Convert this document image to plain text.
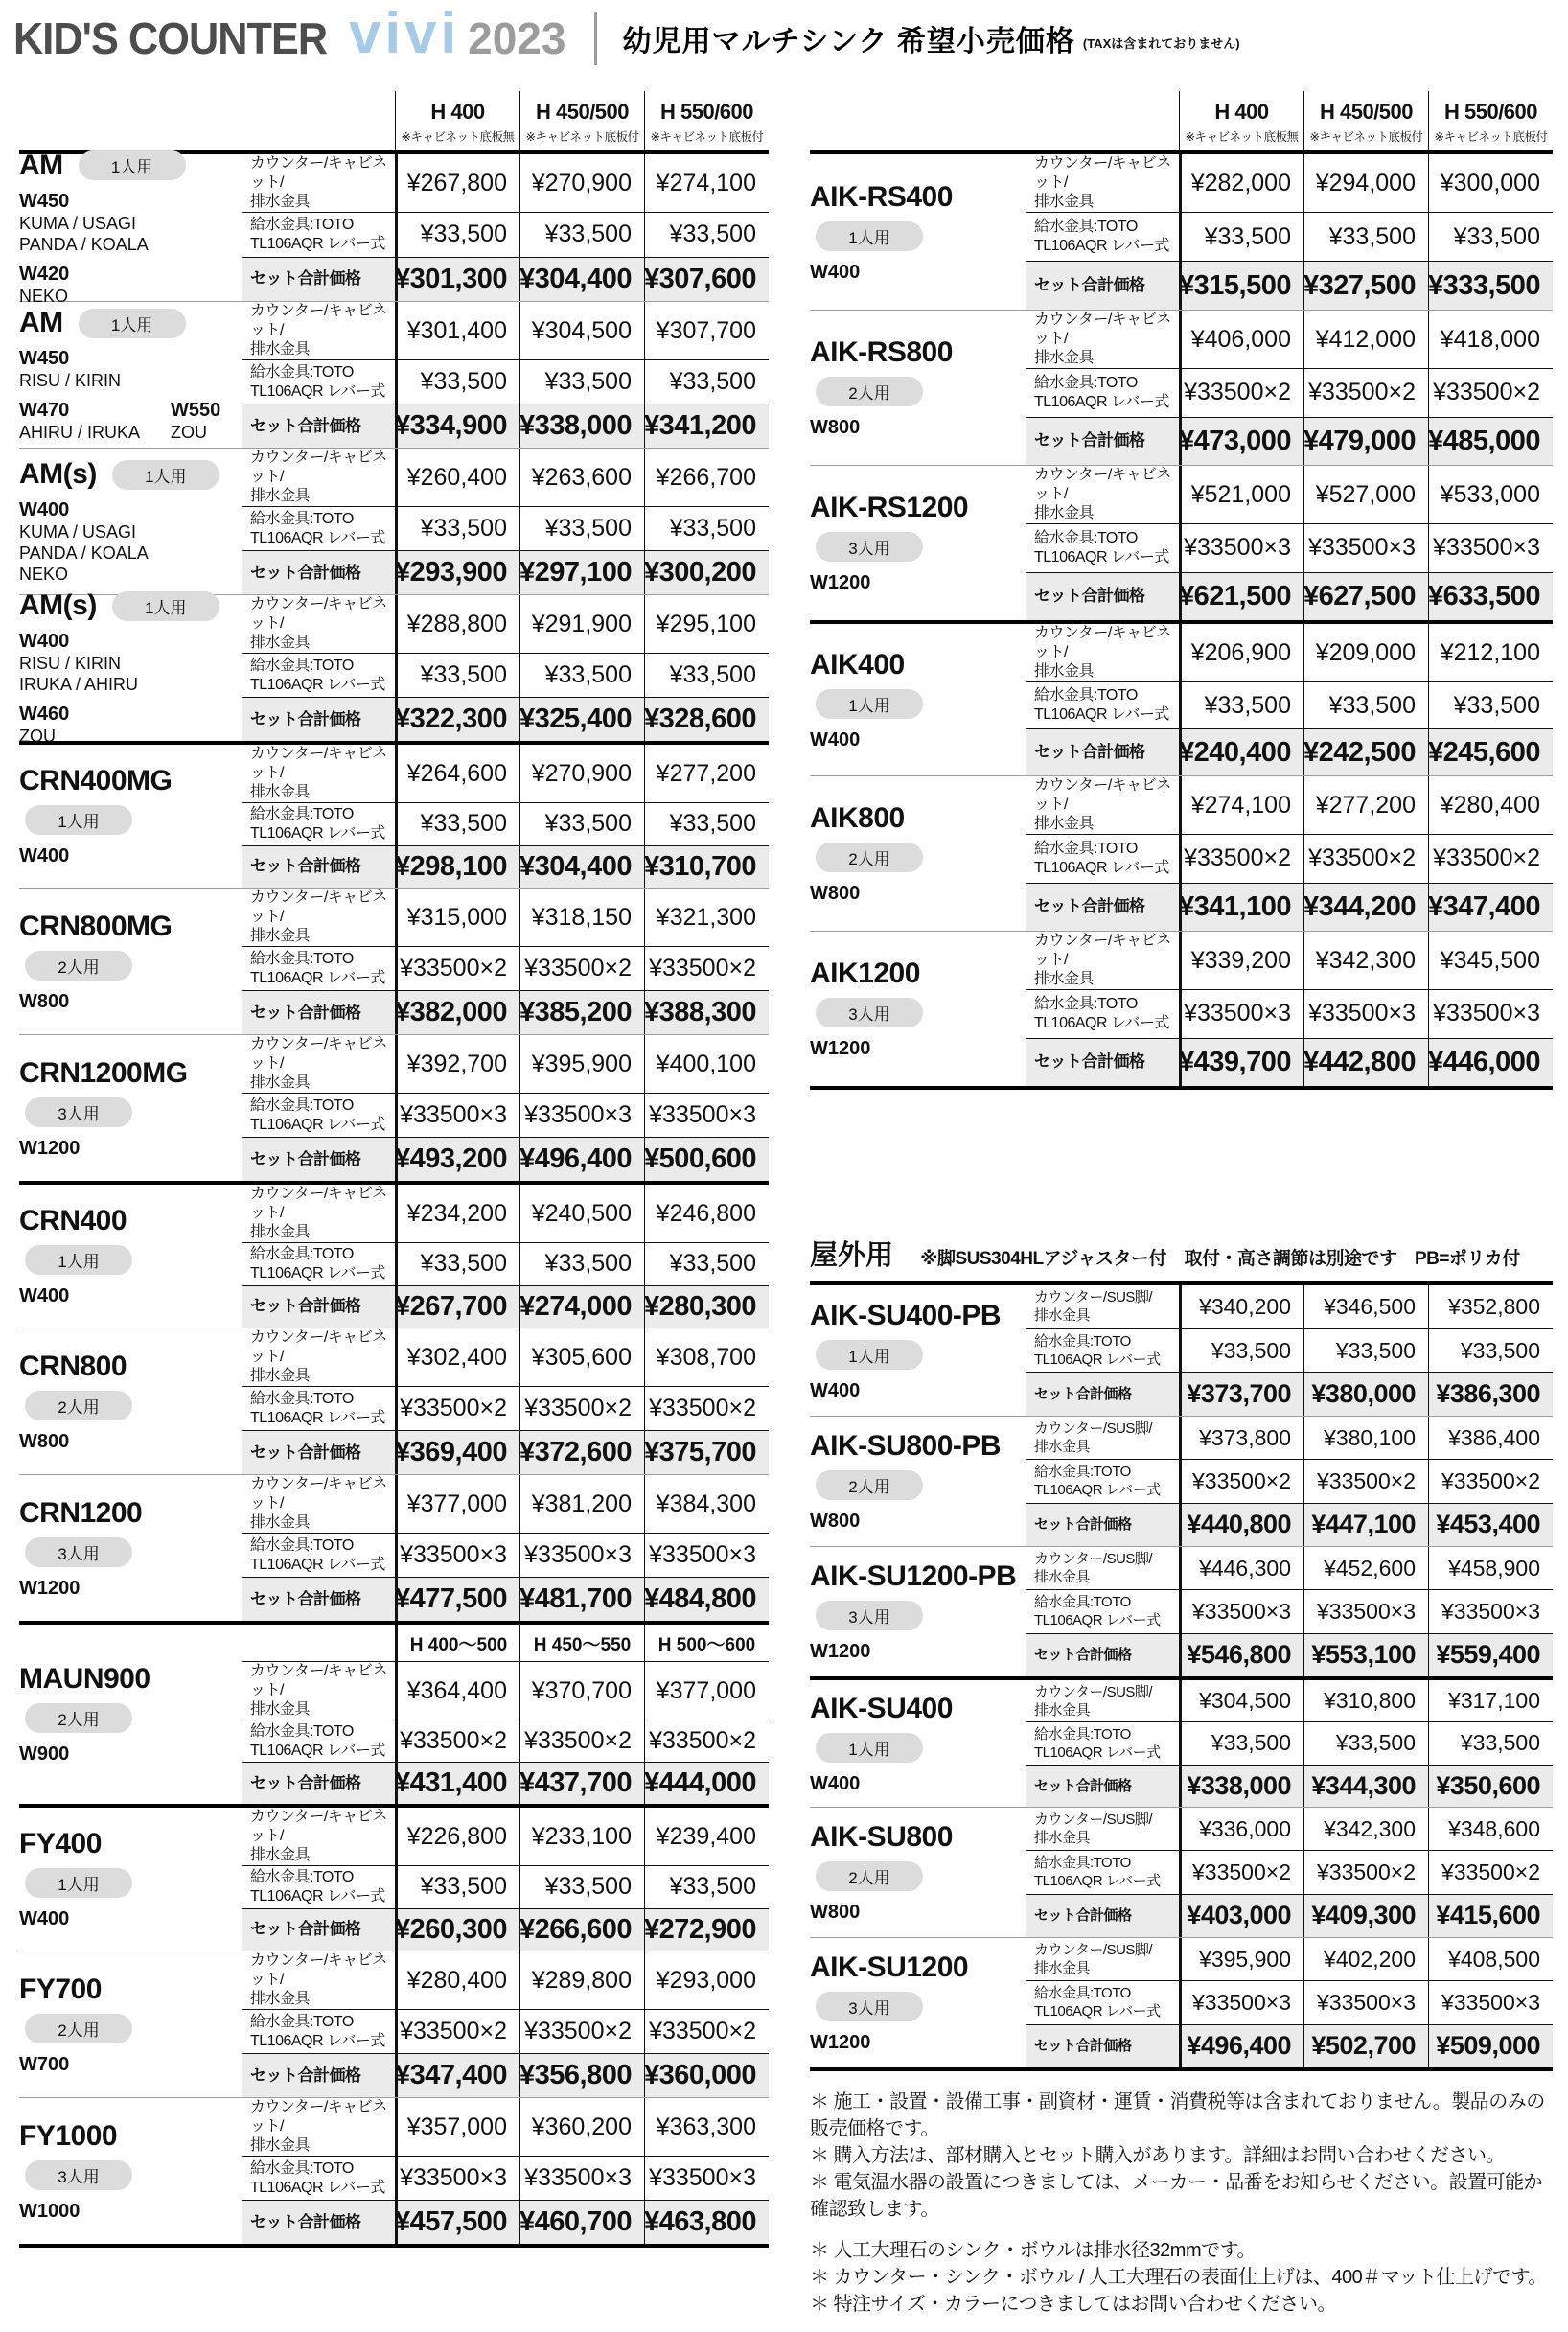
KID'S COUNTER vivi 2023 幼児用マルチシンク 希望小売価格 (TAXは含まれておりません)
H 400
※キャビネット底板無
H 450/500
※キャビネット底板付
H 550/600
※キャビネット底板付
AM	1人用
W450
KUMA / USAGI
PANDA / KOALA
W420
NEKO
カウンター/キャビネット/
排水金具
¥267,800	¥270,900	¥274,100
給水金具:TOTO
TL106AQR レバー式	¥33,500	¥33,500	¥33,500
セット合計価格	¥301,300 ¥304,400 ¥307,600
AM	1人用
W450
RISU / KIRIN
W470
AHIRU / IRUKA
W550
ZOU
カウンター/キャビネット/
排水金具
¥301,400	¥304,500	¥307,700
給水金具:TOTO
TL106AQR レバー式	¥33,500	¥33,500	¥33,500
セット合計価格	¥334,900 ¥338,000 ¥341,200
AM(s)	1人用
W400
KUMA / USAGI
PANDA / KOALA
NEKO
カウンター/キャビネット/
排水金具
¥260,400	¥263,600	¥266,700
給水金具:TOTO
TL106AQR レバー式	¥33,500	¥33,500	¥33,500
セット合計価格	¥293,900 ¥297,100 ¥300,200
AM(s)	1人用
W400
RISU / KIRIN
IRUKA / AHIRU
W460
ZOU
カウンター/キャビネット/
排水金具
¥288,800	¥291,900	¥295,100
給水金具:TOTO
TL106AQR レバー式	¥33,500	¥33,500	¥33,500
セット合計価格	¥322,300 ¥325,400 ¥328,600
CRN400MG
1人用
W400
カウンター/キャビネット/
排水金具
¥264,600	¥270,900	¥277,200
給水金具:TOTO
TL106AQR レバー式	¥33,500	¥33,500	¥33,500
セット合計価格	¥298,100 ¥304,400 ¥310,700
CRN800MG
2人用
W800
カウンター/キャビネット/
排水金具
¥315,000	¥318,150	¥321,300
給水金具:TOTO
TL106AQR レバー式 ¥33500×2 ¥33500×2 ¥33500×2
セット合計価格	¥382,000 ¥385,200 ¥388,300
CRN1200MG
3人用
W1200
カウンター/キャビネット/
排水金具
¥392,700	¥395,900	¥400,100
給水金具:TOTO
TL106AQR レバー式 ¥33500×3 ¥33500×3 ¥33500×3
セット合計価格	¥493,200 ¥496,400 ¥500,600
CRN400
1人用
W400
カウンター/キャビネット/
排水金具
¥234,200	¥240,500	¥246,800
給水金具:TOTO
TL106AQR レバー式	¥33,500	¥33,500	¥33,500
セット合計価格	¥267,700 ¥274,000 ¥280,300
CRN800
2人用
W800
カウンター/キャビネット/
排水金具
¥302,400	¥305,600	¥308,700
給水金具:TOTO
TL106AQR レバー式 ¥33500×2 ¥33500×2 ¥33500×2
セット合計価格	¥369,400 ¥372,600 ¥375,700
CRN1200
3人用
W1200
カウンター/キャビネット/
排水金具
¥377,000	¥381,200	¥384,300
給水金具:TOTO
TL106AQR レバー式 ¥33500×3 ¥33500×3 ¥33500×3
セット合計価格	¥477,500 ¥481,700 ¥484,800
MAUN900
2人用
W900
H 400～500	H 450～550	H 500～600
カウンター/キャビネット/
排水金具
¥364,400	¥370,700	¥377,000
給水金具:TOTO
TL106AQR レバー式 ¥33500×2 ¥33500×2 ¥33500×2
セット合計価格	¥431,400 ¥437,700 ¥444,000
FY400
1人用
W400
カウンター/キャビネット/
排水金具
¥226,800	¥233,100	¥239,400
給水金具:TOTO
TL106AQR レバー式	¥33,500	¥33,500	¥33,500
セット合計価格	¥260,300 ¥266,600 ¥272,900
FY700
2人用
W700
カウンター/キャビネット/
排水金具
¥280,400	¥289,800	¥293,000
給水金具:TOTO
TL106AQR レバー式 ¥33500×2 ¥33500×2 ¥33500×2
セット合計価格	¥347,400 ¥356,800 ¥360,000
FY1000
3人用
W1000
カウンター/キャビネット/
排水金具
¥357,000	¥360,200	¥363,300
給水金具:TOTO
TL106AQR レバー式 ¥33500×3 ¥33500×3 ¥33500×3
セット合計価格	¥457,500 ¥460,700 ¥463,800
H 400
※キャビネット底板無
H 450/500
※キャビネット底板付
H 550/600
※キャビネット底板付
AIK-RS400
1人用
W400
カウンター/キャビネット/
排水金具
¥282,000	¥294,000	¥300,000
給水金具:TOTO
TL106AQR レバー式	¥33,500	¥33,500	¥33,500
セット合計価格	¥315,500 ¥327,500 ¥333,500
AIK-RS800
2人用
W800
カウンター/キャビネット/
排水金具
¥406,000	¥412,000	¥418,000
給水金具:TOTO
TL106AQR レバー式 ¥33500×2 ¥33500×2 ¥33500×2
セット合計価格	¥473,000 ¥479,000 ¥485,000
AIK-RS1200
3人用
W1200
カウンター/キャビネット/
排水金具
¥521,000	¥527,000	¥533,000
給水金具:TOTO
TL106AQR レバー式 ¥33500×3 ¥33500×3 ¥33500×3
セット合計価格	¥621,500 ¥627,500 ¥633,500
AIK400
1人用
W400
カウンター/キャビネット/
排水金具
¥206,900	¥209,000	¥212,100
給水金具:TOTO
TL106AQR レバー式	¥33,500	¥33,500	¥33,500
セット合計価格	¥240,400 ¥242,500 ¥245,600
AIK800
2人用
W800
カウンター/キャビネット/
排水金具
¥274,100	¥277,200	¥280,400
給水金具:TOTO
TL106AQR レバー式 ¥33500×2 ¥33500×2 ¥33500×2
セット合計価格	¥341,100 ¥344,200 ¥347,400
AIK1200
3人用
W1200
カウンター/キャビネット/
排水金具
¥339,200	¥342,300	¥345,500
給水金具:TOTO
TL106AQR レバー式 ¥33500×3 ¥33500×3 ¥33500×3
セット合計価格	¥439,700 ¥442,800 ¥446,000
屋外用 ※脚SUS304HLアジャスター付　取付・高さ調節は別途です　PB=ポリカ付
AIK-SU400-PB
1人用
W400
カウンター/SUS脚/
排水金具	¥340,200	¥346,500	¥352,800
給水金具:TOTO
TL106AQR レバー式	¥33,500	¥33,500	¥33,500
セット合計価格	¥373,700 ¥380,000 ¥386,300
AIK-SU800-PB
2人用
W800
カウンター/SUS脚/
排水金具	¥373,800	¥380,100	¥386,400
給水金具:TOTO
TL106AQR レバー式	¥33500×2	¥33500×2	¥33500×2
セット合計価格	¥440,800 ¥447,100 ¥453,400
AIK-SU1200-PB
3人用
W1200
カウンター/SUS脚/
排水金具	¥446,300	¥452,600	¥458,900
給水金具:TOTO
TL106AQR レバー式	¥33500×3	¥33500×3	¥33500×3
セット合計価格	¥546,800 ¥553,100 ¥559,400
AIK-SU400
1人用
W400
カウンター/SUS脚/
排水金具	¥304,500	¥310,800	¥317,100
給水金具:TOTO
TL106AQR レバー式	¥33,500	¥33,500	¥33,500
セット合計価格	¥338,000 ¥344,300 ¥350,600
AIK-SU800
2人用
W800
カウンター/SUS脚/
排水金具	¥336,000	¥342,300	¥348,600
給水金具:TOTO
TL106AQR レバー式	¥33500×2	¥33500×2	¥33500×2
セット合計価格	¥403,000 ¥409,300 ¥415,600
AIK-SU1200
3人用
W1200
カウンター/SUS脚/
排水金具	¥395,900	¥402,200	¥408,500
給水金具:TOTO
TL106AQR レバー式	¥33500×3	¥33500×3	¥33500×3
セット合計価格	¥496,400 ¥502,700 ¥509,000
＊ 施工・設置・設備工事・副資材・運賃・消費税等は含まれておりません。製品のみの販売価格です。
＊ 購入方法は、部材購入とセット購入があります。詳細はお問い合わせください。
＊ 電気温水器の設置につきましては、メーカー・品番をお知らせください。設置可能か確認致します。
＊ 人工大理石のシンク・ボウルは排水径32mmです。
＊ カウンター・シンク・ボウル / 人工大理石の表面仕上げは、400＃マット仕上げです。
＊ 特注サイズ・カラーにつきましてはお問い合わせください。
